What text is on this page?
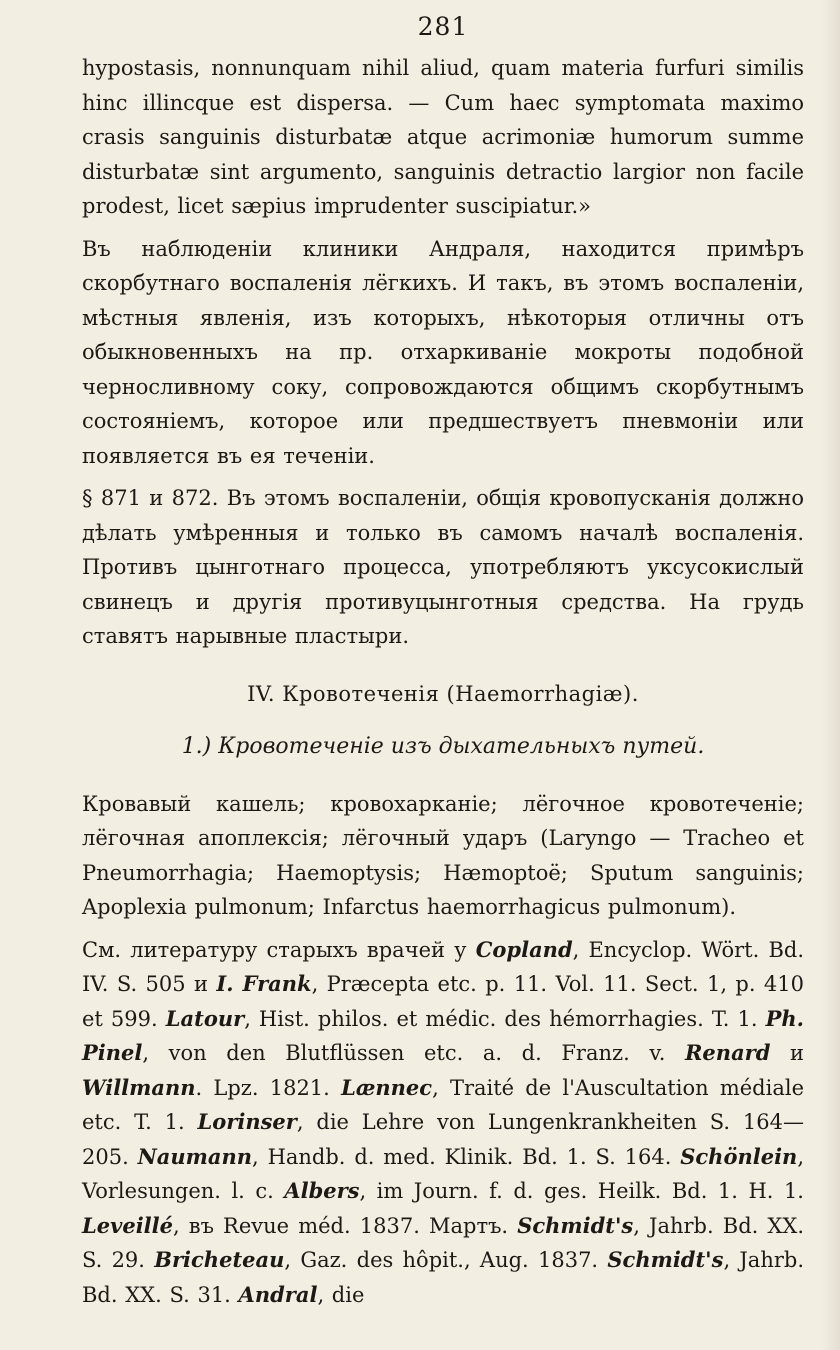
281

hypostasis, nonnunquam nihil aliud, quam materia furfuri similis hinc illincque est dispersa. — Cum haec symptomata maximo crasis sanguinis disturbatæ atque acrimoniæ humorum summe disturbatæ sint argumento, sanguinis detractio largior non facile prodest, licet sæpius imprudenter suscipiatur.»

Въ наблюденіи клиники Андраля, находится примѣръ скорбутнаго воспаленія лёгкихъ. И такъ, въ этомъ воспаленіи, мѣстныя явленія, изъ которыхъ, нѣкоторыя отличны отъ обыкновенныхъ на пр. отхаркиваніе мокроты подобной черносливному соку, сопровождаются общимъ скорбутнымъ состояніемъ, которое или предшествуетъ пневмоніи или появляется въ ея теченіи.

§ 871 и 872. Въ этомъ воспаленіи, общія кровопусканія должно дѣлать умѣренныя и только въ самомъ началѣ воспаленія. Противъ цынготнаго процесса, употребляютъ уксусокислый свинецъ и другія противуцынготныя средства. На грудь ставятъ нарывные пластыри.

IV. Кровотеченія (Haemorrhagiæ).

1.) Кровотеченіе изъ дыхательныхъ путей.

Кровавый кашель; кровохарканіе; лёгочное кровотеченіе; лёгочная апоплексія; лёгочный ударъ (Laryngo — Tracheo et Pneumorrhagia; Haemoptysis; Hæmoptoë; Sputum sanguinis; Apoplexia pulmonum; Infarctus haemorrhagicus pulmonum).

См. литературу старыхъ врачей у Copland, Encyclop. Wört. Bd. IV. S. 505 и I. Frank, Præcepta etc. p. 11. Vol. 11. Sect. 1, p. 410 et 599. Latour, Hist. philos. et médic. des hémorrhagies. T. 1. Ph. Pinel, von den Blutflüssen etc. a. d. Franz. v. Renard и Willmann. Lpz. 1821. Lænnec, Traité de l'Auscultation médiale etc. T. 1. Lorinser, die Lehre von Lungenkrankheiten S. 164—205. Naumann, Handb. d. med. Klinik. Bd. 1. S. 164. Schönlein, Vorlesungen. l. c. Albers, im Journ. f. d. ges. Heilk. Bd. 1. H. 1. Leveillé, въ Revue méd. 1837. Мартъ. Schmidt's, Jahrb. Bd. XX. S. 29. Bricheteau, Gaz. des hôpit., Aug. 1837. Schmidt's, Jahrb. Bd. XX. S. 31. Andral, die
